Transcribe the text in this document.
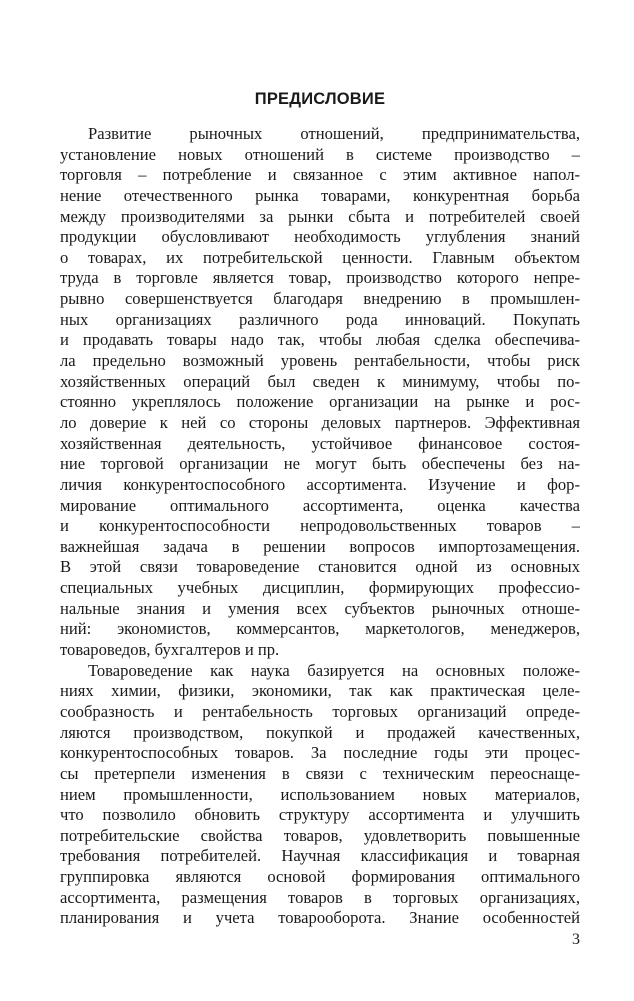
ПРЕДИСЛОВИЕ
Развитие рыночных отношений, предпринимательства,
установление новых отношений в системе производство –
торговля – потребление и связанное с этим активное напол-
нение отечественного рынка товарами, конкурентная борьба
между производителями за рынки сбыта и потребителей своей
продукции обусловливают необходимость углубления знаний
о товарах, их потребительской ценности. Главным объектом
труда в торговле является товар, производство которого непре-
рывно совершенствуется благодаря внедрению в промышлен-
ных организациях различного рода инноваций. Покупать
и продавать товары надо так, чтобы любая сделка обеспечива-
ла предельно возможный уровень рентабельности, чтобы риск
хозяйственных операций был сведен к минимуму, чтобы по-
стоянно укреплялось положение организации на рынке и рос-
ло доверие к ней со стороны деловых партнеров. Эффективная
хозяйственная деятельность, устойчивое финансовое состоя-
ние торговой организации не могут быть обеспечены без на-
личия конкурентоспособного ассортимента. Изучение и фор-
мирование оптимального ассортимента, оценка качества
и конкурентоспособности непродовольственных товаров –
важнейшая задача в решении вопросов импортозамещения.
В этой связи товароведение становится одной из основных
специальных учебных дисциплин, формирующих профессио-
нальные знания и умения всех субъектов рыночных отноше-
ний: экономистов, коммерсантов, маркетологов, менеджеров,
товароведов, бухгалтеров и пр.
Товароведение как наука базируется на основных положе-
ниях химии, физики, экономики, так как практическая целе-
сообразность и рентабельность торговых организаций опреде-
ляются производством, покупкой и продажей качественных,
конкурентоспособных товаров. За последние годы эти процес-
сы претерпели изменения в связи с техническим переоснаще-
нием промышленности, использованием новых материалов,
что позволило обновить структуру ассортимента и улучшить
потребительские свойства товаров, удовлетворить повышенные
требования потребителей. Научная классификация и товарная
группировка являются основой формирования оптимального
ассортимента, размещения товаров в торговых организациях,
планирования и учета товарооборота. Знание особенностей
3
